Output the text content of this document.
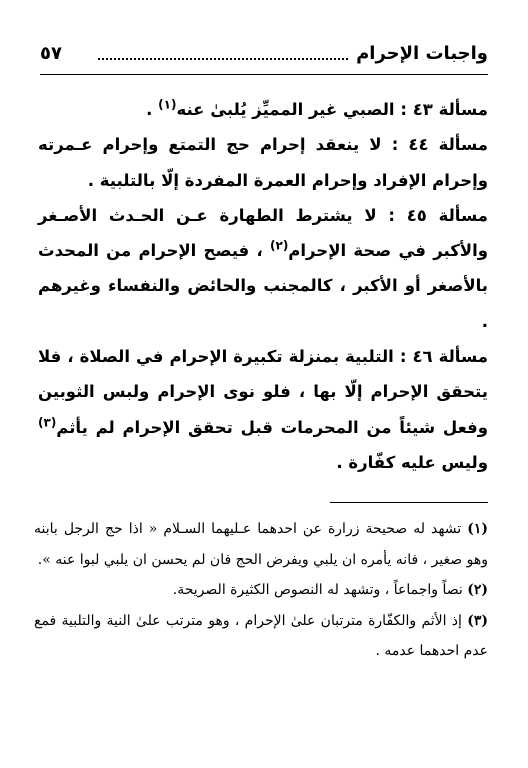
واجبات الإحرام
٥٧

مسألة ٤٣ : الصبي غير المميِّز يُلبىٰ عنه$^{(١)}$ .

مسألة ٤٤ : لا ينعقد إحرام حج التمتع وإحرام عـمرته وإحرام الإفراد وإحرام العمرة المفردة إلّا بالتلبية .

مسألة ٤٥ : لا يشترط الطهارة عـن الحـدث الأصـغر والأكبر في صحة الإحرام$^{(٢)}$ ، فيصح الإحرام من المحدث بالأصغر أو الأكبر ، كالمجنب والحائض والنفساء وغيرهم .

مسألة ٤٦ : التلبية بمنزلة تكبيرة الإحرام في الصلاة ، فلا يتحقق الإحرام إلّا بها ، فلو نوى الإحرام ولبس الثوبين وفعل شيئاً من المحرمات قبل تحقق الإحرام لم يأثم$^{(٣)}$ وليس عليه كفّارة .

(١) تشهد له صحيحة زرارة عن احدهما عـليهما السـلام « اذا حج الرجل بابنه وهو صغير ، فانه يأمره ان يلبي ويفرض الحج فان لم يحسن ان يلبي لبوا عنه ».

(٢) نصاً واجماعاً ، وتشهد له النصوص الكثيرة الصريحة.

(٣) إذ الأثم والكفّارة مترتبان علىٰ الإحرام ، وهو مترتب علىٰ النية والتلبية فمع عدم احدهما عدمه .
